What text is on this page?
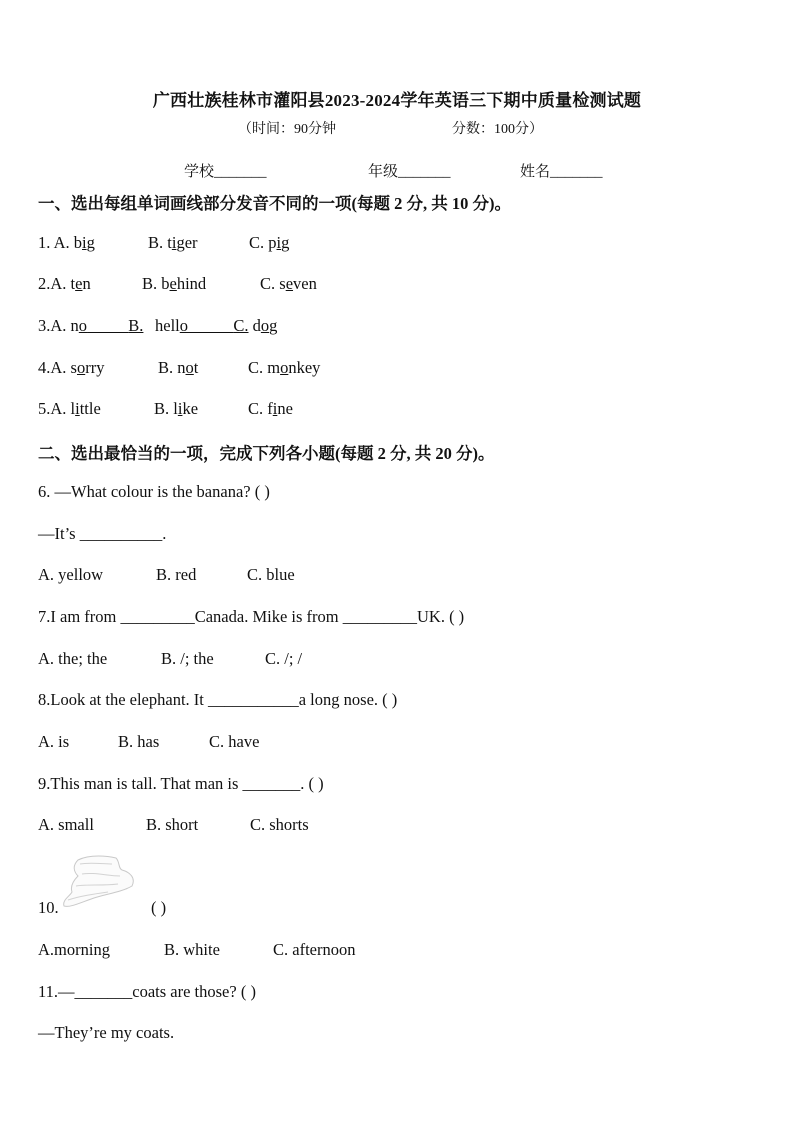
广西壮族桂林市灌阳县2023-2024学年英语三下期中质量检测试题
（时间：90分钟	分数：100分）
学校_______	年级_______	姓名_______
一、选出每组单词画线部分发音不同的一项(每题 2 分, 共 10 分)。
1. A. big	B. tiger	C. pig
2.A. ten	B. behind	C. seven
3.A. no	B. hello	C. dog
4.A. sorry	B. not	C. monkey
5.A. little	B. like	C. fine
二、选出最恰当的一项，完成下列各小题(每题 2 分, 共 20 分)。
6. —What colour is the banana? ( )
—It’s __________.
A. yellow	B. red	C. blue
7.I am from _________Canada. Mike is from _________UK. ( )
A. the; the	B. /; the	C. /; /
8.Look at the elephant. It ___________a long nose. ( )
A. is	B. has	C. have
9.This man is tall. That man is _______. ( )
A. small	B. short	C. shorts
10.	( )
A.morning	B. white	C. afternoon
11.—_______coats are those? ( )
—They’re my coats.
